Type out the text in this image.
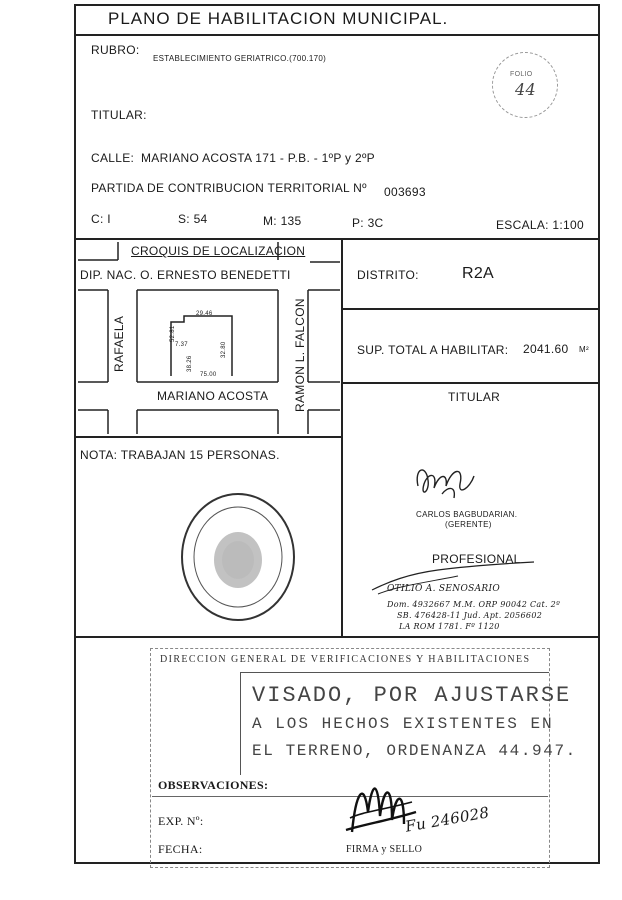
PLANO DE HABILITACION MUNICIPAL.
RUBRO:
ESTABLECIMIENTO GERIATRICO.(700.170)
TITULAR:
CALLE: MARIANO ACOSTA 171 - P.B. - 1ºP y 2ºP
PARTIDA DE CONTRIBUCION TERRITORIAL Nº 003693
C: I	S: 54	M: 135	P: 3C	ESCALA: 1:100
FOLIO
44
CROQUIS DE LOCALIZACION
DIP. NAC. O. ERNESTO BENEDETTI
RAFAELA	RAMON L. FALCON
MARIANO ACOSTA
29.46
52.81
7.37	32.80
38.26
75.00
DISTRITO:	R2A
SUP. TOTAL A HABILITAR: 2041.60 M²
TITULAR
CARLOS BAGBUDARIAN.
(GERENTE)
PROFESIONAL
OTILIO A. SENOSARIO
Dom. 4932667 M.M. ORP 90042 Cat. 2º
SB. 476428-11 Jud. Apt. 2056602
LA ROM 1781. Fº 1120
NOTA: TRABAJAN 15 PERSONAS.
DIRECCION GENERAL DE VERIFICACIONES Y HABILITACIONES
VISADO, POR AJUSTARSE
A LOS HECHOS EXISTENTES EN
EL TERRENO, ORDENANZA 44.947.
OBSERVACIONES:
EXP. Nº:
FECHA:	FIRMA y SELLO
Fu 246028
